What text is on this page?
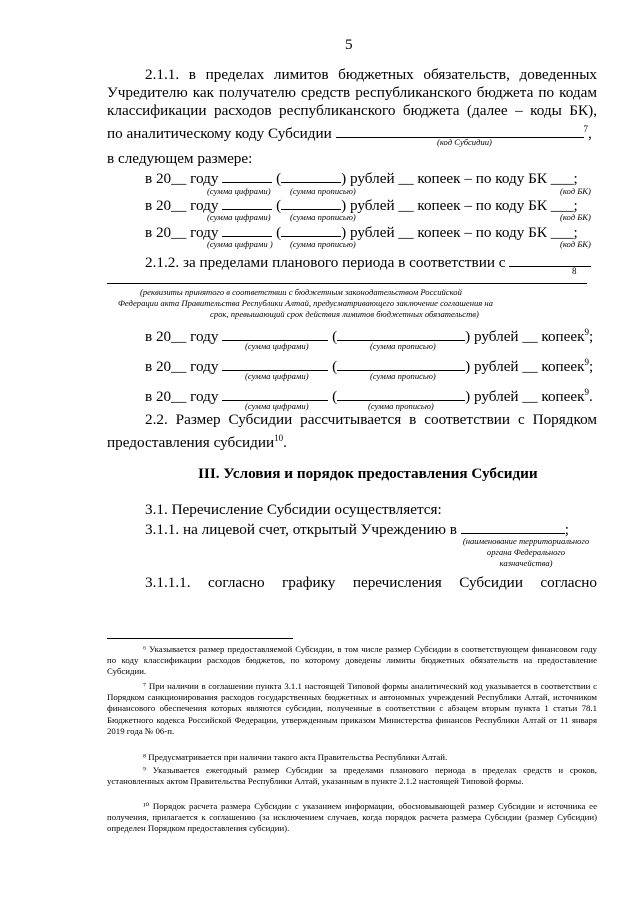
5
2.1.1. в пределах лимитов бюджетных обязательств, доведенных
Учредителю как получателю средств республиканского бюджета по кодам
классификации расходов республиканского бюджета (далее – коды БК),
по аналитическому коду Субсидии	$^7$,
(код Субсидии)
в следующем размере:
в 20__ году	(	) рублей __ копеек – по коду БК ___;
(сумма цифрами) (сумма прописью)	(код БК)
в 20__ году	(	) рублей __ копеек – по коду БК ___;
(сумма цифрами) (сумма прописью)	(код БК)
в 20__ году	(	) рублей __ копеек – по коду БК ___;
(сумма цифрами ) (сумма прописью)	(код БК)
2.1.2. за пределами планового периода в соответствии с	8
(реквизиты принятого в соответствии с бюджетным законодательством Российской
Федерации акта Правительства Республики Алтай, предусматривающего заключение соглашения на
срок, превышающий срок действия лимитов бюджетных обязательств)
в 20__ году	(	) рублей __ копеек$^9$;
(сумма цифрами)	(сумма прописью)
в 20__ году	(	) рублей __ копеек$^9$;
(сумма цифрами)	(сумма прописью)
в 20__ году	(	) рублей __ копеек$^9$.
(сумма цифрами)	(сумма прописью)
2.2. Размер Субсидии рассчитывается в соответствии с Порядком
предоставления субсидии$^{10}$.
III. Условия и порядок предоставления Субсидии
3.1. Перечисление Субсидии осуществляется:
3.1.1. на лицевой счет, открытый Учреждению в	;
(наименование территориального
органа Федерального
казначейства)
3.1.1.1. согласно графику перечисления Субсидии согласно
⁶ Указывается размер предоставляемой Субсидии, в том числе размер Субсидии в соответствующем финансовом году по коду классификации расходов бюджетов, по которому доведены лимиты бюджетных обязательств на предоставление Субсидии.
⁷ При наличии в соглашении пункта 3.1.1 настоящей Типовой формы аналитический код указывается в соответствии с Порядком санкционирования расходов государственных бюджетных и автономных учреждений Республики Алтай, источником финансового обеспечения которых являются субсидии, полученные в соответствии с абзацем вторым пункта 1 статьи 78.1 Бюджетного кодекса Российской Федерации, утвержденным приказом Министерства финансов Республики Алтай от 11 января 2019 года № 06-п.
⁸ Предусматривается при наличии такого акта Правительства Республики Алтай.
⁹ Указывается ежегодный размер Субсидии за пределами планового периода в пределах средств и сроков, установленных актом Правительства Республики Алтай, указанным в пункте 2.1.2 настоящей Типовой формы.
¹⁰ Порядок расчета размера Субсидии с указанием информации, обосновывающей размер Субсидии и источника ее получения, прилагается к соглашению (за исключением случаев, когда порядок расчета размера Субсидии (размер Субсидии) определен Порядком предоставления субсидии).
